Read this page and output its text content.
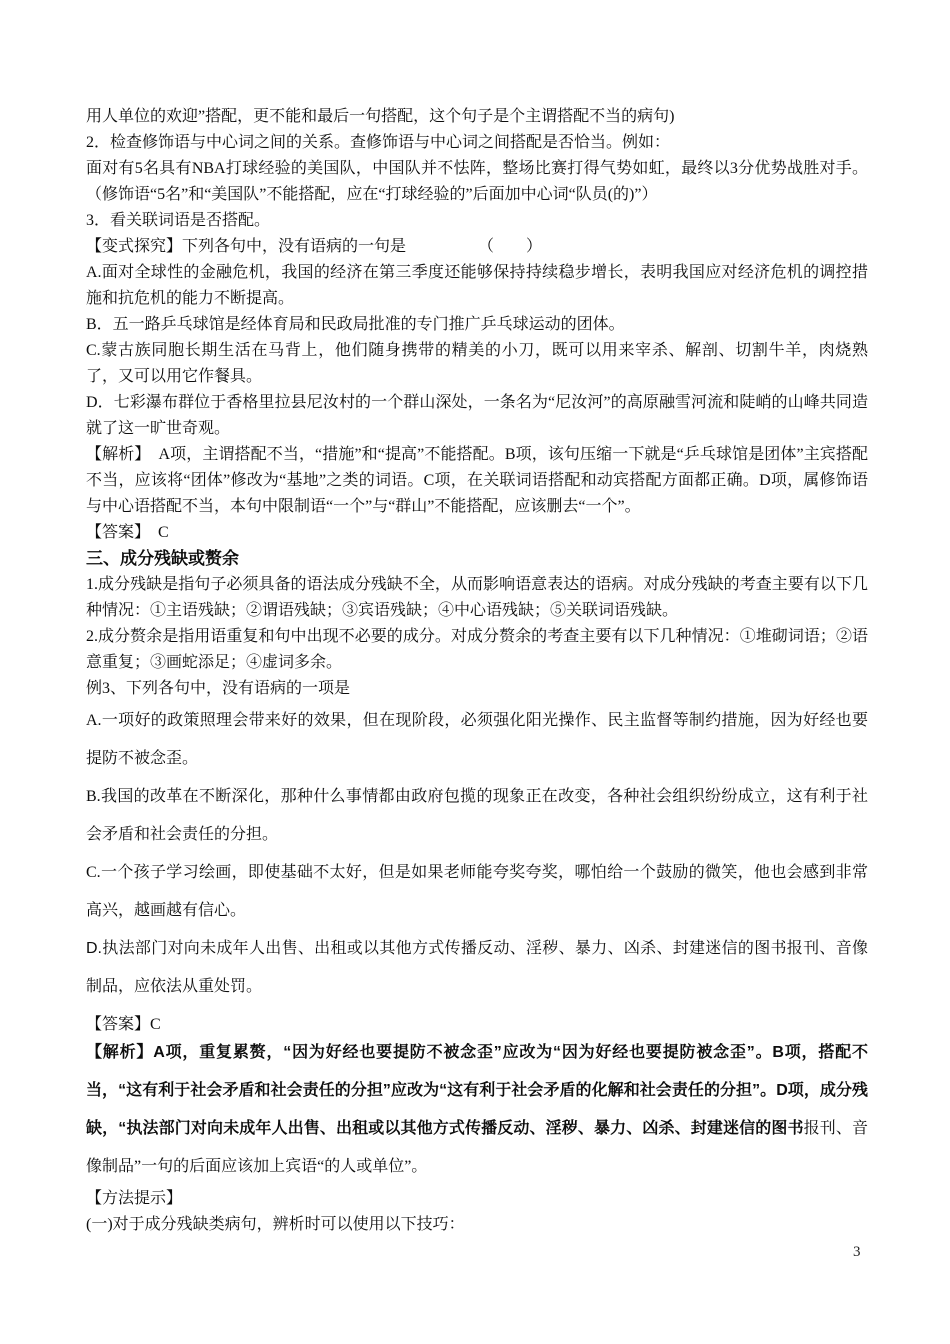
用人单位的欢迎”搭配，更不能和最后一句搭配，这个句子是个主谓搭配不当的病句)

2．检查修饰语与中心词之间的关系。查修饰语与中心词之间搭配是否恰当。例如：

面对有5名具有NBA打球经验的美国队，中国队并不怯阵，整场比赛打得气势如虹，最终以3分优势战胜对手。（修饰语“5名”和“美国队”不能搭配，应在“打球经验的”后面加中心词“队员(的)”）

3．看关联词语是否搭配。

【变式探究】下列各句中，没有语病的一句是　　　　　（　　）

A.面对全球性的金融危机，我国的经济在第三季度还能够保持持续稳步增长，表明我国应对经济危机的调控措施和抗危机的能力不断提高。

B．五一路乒乓球馆是经体育局和民政局批准的专门推广乒乓球运动的团体。

C.蒙古族同胞长期生活在马背上，他们随身携带的精美的小刀，既可以用来宰杀、解剖、切割牛羊，肉烧熟了，又可以用它作餐具。

D．七彩瀑布群位于香格里拉县尼汝村的一个群山深处，一条名为“尼汝河”的高原融雪河流和陡峭的山峰共同造就了这一旷世奇观。

【解析】　A项，主谓搭配不当，“措施”和“提高”不能搭配。B项，该句压缩一下就是“乒乓球馆是团体”主宾搭配不当，应该将“团体”修改为“基地”之类的词语。C项，在关联词语搭配和动宾搭配方面都正确。D项，属修饰语与中心语搭配不当，本句中限制语“一个”与“群山”不能搭配，应该删去“一个”。

【答案】　C

三、成分残缺或赘余

1.成分残缺是指句子必须具备的语法成分残缺不全，从而影响语意表达的语病。对成分残缺的考查主要有以下几种情况：①主语残缺；②谓语残缺；③宾语残缺；④中心语残缺；⑤关联词语残缺。

2.成分赘余是指用语重复和句中出现不必要的成分。对成分赘余的考查主要有以下几种情况：①堆砌词语；②语意重复；③画蛇添足；④虚词多余。

例3、下列各句中，没有语病的一项是

A.一项好的政策照理会带来好的效果，但在现阶段，必须强化阳光操作、民主监督等制约措施，因为好经也要提防不被念歪。

B.我国的改革在不断深化，那种什么事情都由政府包揽的现象正在改变，各种社会组织纷纷成立，这有利于社会矛盾和社会责任的分担。

C.一个孩子学习绘画，即使基础不太好，但是如果老师能夸奖夸奖，哪怕给一个鼓励的微笑，他也会感到非常高兴，越画越有信心。

D.执法部门对向未成年人出售、出租或以其他方式传播反动、淫秽、暴力、凶杀、封建迷信的图书报刊、音像制品，应依法从重处罚。

【答案】C

【解析】A项，重复累赘，“因为好经也要提防不被念歪”应改为“因为好经也要提防被念歪”。B项，搭配不当，“这有利于社会矛盾和社会责任的分担”应改为“这有利于社会矛盾的化解和社会责任的分担”。D项，成分残缺，“执法部门对向未成年人出售、出租或以其他方式传播反动、淫秽、暴力、凶杀、封建迷信的图书报刊、音像制品”一句的后面应该加上宾语“的人或单位”。

【方法提示】

(一)对于成分残缺类病句，辨析时可以使用以下技巧：

3
